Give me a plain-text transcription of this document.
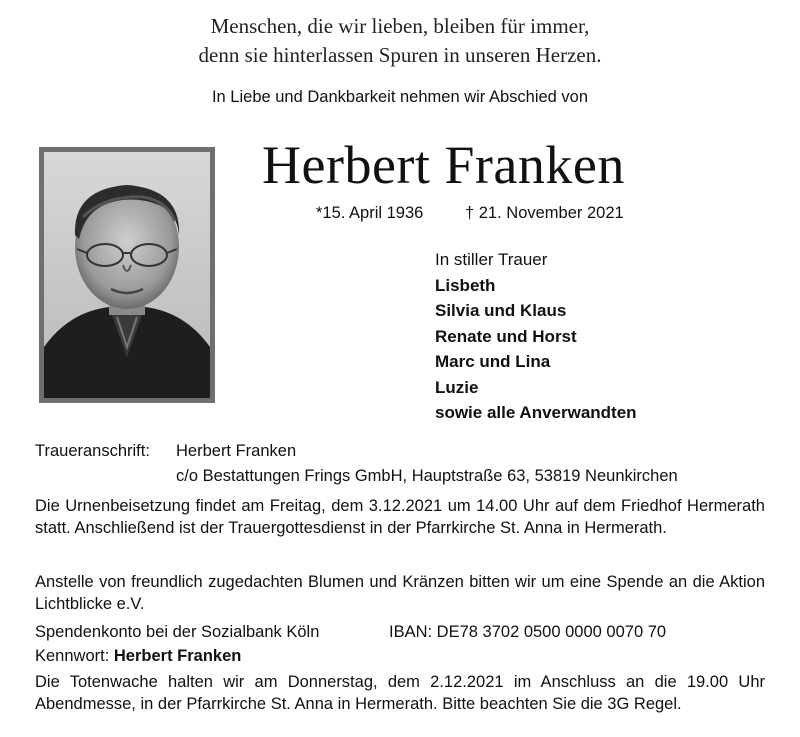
Menschen, die wir lieben, bleiben für immer,
denn sie hinterlassen Spuren in unseren Herzen.
In Liebe und Dankbarkeit nehmen wir Abschied von
Herbert Franken
*15. April 1936	† 21. November 2021
In stiller Trauer
Lisbeth
Silvia und Klaus
Renate und Horst
Marc und Lina
Luzie
sowie alle Anverwandten
Traueranschrift: Herbert Franken
c/o Bestattungen Frings GmbH, Hauptstraße 63, 53819 Neunkirchen
Die Urnenbeisetzung findet am Freitag, dem 3.12.2021 um 14.00 Uhr auf dem Friedhof Hermerath statt. Anschließend ist der Trauergottesdienst in der Pfarrkirche St. Anna in Hermerath.
Anstelle von freundlich zugedachten Blumen und Kränzen bitten wir um eine Spende an die Aktion Lichtblicke e.V.
Spendenkonto bei der Sozialbank Köln	IBAN: DE78 3702 0500 0000 0070 70
Kennwort: Herbert Franken
Die Totenwache halten wir am Donnerstag, dem 2.12.2021 im Anschluss an die 19.00 Uhr Abendmesse, in der Pfarrkirche St. Anna in Hermerath. Bitte beachten Sie die 3G Regel.
